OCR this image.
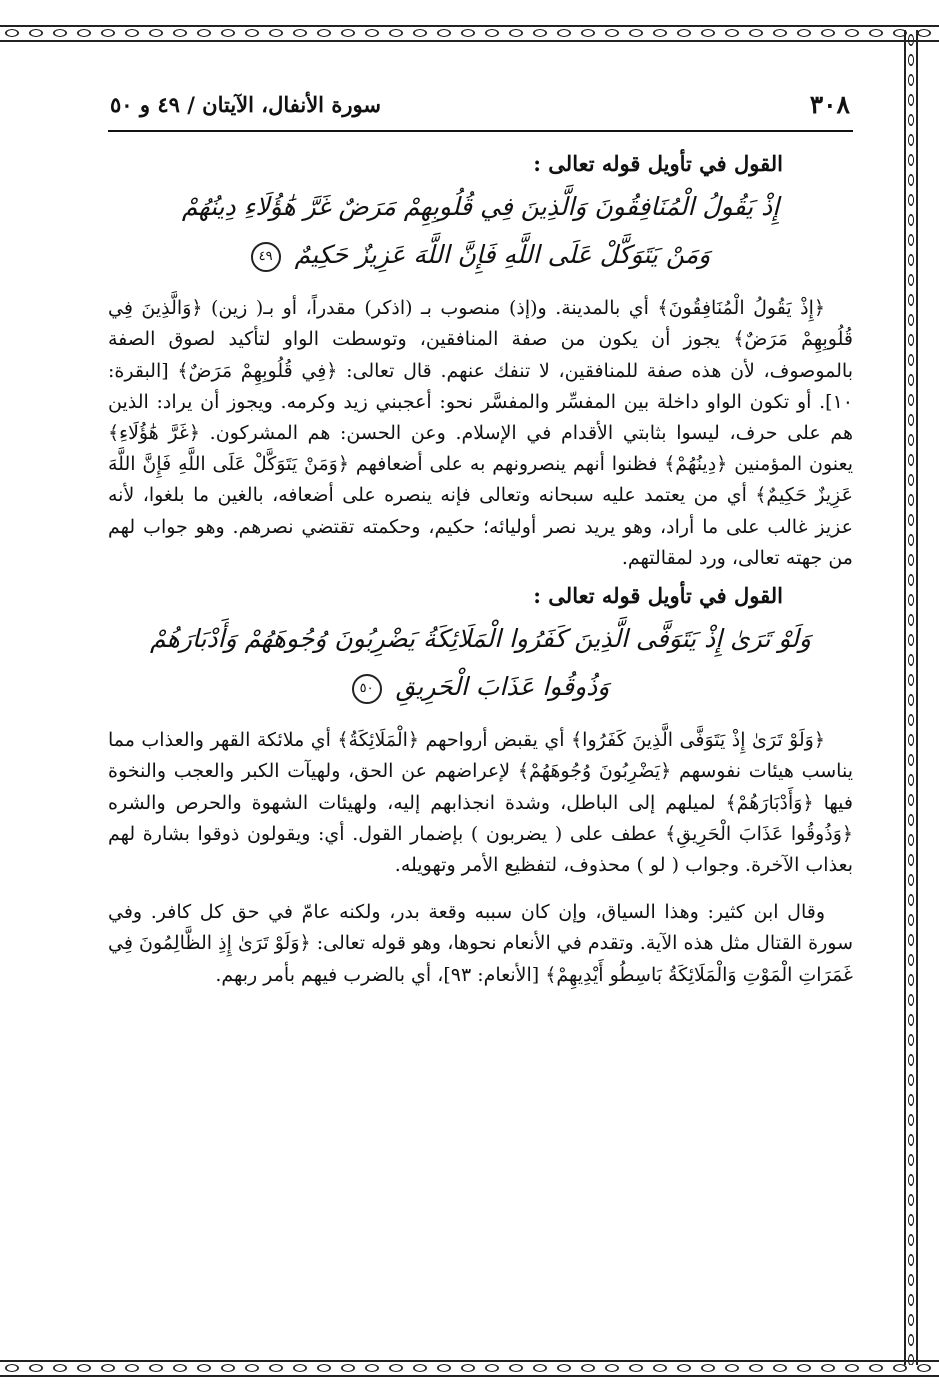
٣٠٨
سورة الأنفال، الآيتان / ٤٩ و ٥٠
القول في تأويل قوله تعالى :

إِذْ يَقُولُ الْمُنَافِقُونَ وَالَّذِينَ فِي قُلُوبِهِمْ مَرَضٌ غَرَّ هَٰؤُلَاءِ دِينُهُمْ

وَمَنْ يَتَوَكَّلْ عَلَى اللَّهِ فَإِنَّ اللَّهَ عَزِيزٌ حَكِيمٌ ٤٩

﴿إِذْ يَقُولُ الْمُنَافِقُونَ﴾ أي بالمدينة. و(إذ) منصوب بـ (اذكر) مقدراً، أو بـ( زين) ﴿وَالَّذِينَ فِي قُلُوبِهِمْ مَرَضٌ﴾ يجوز أن يكون من صفة المنافقين، وتوسطت الواو لتأكيد لصوق الصفة بالموصوف، لأن هذه صفة للمنافقين، لا تنفك عنهم. قال تعالى: ﴿فِي قُلُوبِهِمْ مَرَضٌ﴾ [البقرة: ١٠]. أو تكون الواو داخلة بين المفسِّر والمفسَّر نحو: أعجبني زيد وكرمه. ويجوز أن يراد: الذين هم على حرف، ليسوا بثابتي الأقدام في الإسلام. وعن الحسن: هم المشركون. ﴿غَرَّ هَٰؤُلَاءِ﴾ يعنون المؤمنين ﴿دِينُهُمْ﴾ فظنوا أنهم ينصرونهم به على أضعافهم ﴿وَمَنْ يَتَوَكَّلْ عَلَى اللَّهِ فَإِنَّ اللَّهَ عَزِيزٌ حَكِيمٌ﴾ أي من يعتمد عليه سبحانه وتعالى فإنه ينصره على أضعافه، بالغين ما بلغوا، لأنه عزيز غالب على ما أراد، وهو يريد نصر أوليائه؛ حكيم، وحكمته تقتضي نصرهم. وهو جواب لهم من جهته تعالى، ورد لمقالتهم.

القول في تأويل قوله تعالى :

وَلَوْ تَرَىٰ إِذْ يَتَوَفَّى الَّذِينَ كَفَرُوا الْمَلَائِكَةُ يَضْرِبُونَ وُجُوهَهُمْ وَأَدْبَارَهُمْ

وَذُوقُوا عَذَابَ الْحَرِيقِ ٥٠

﴿وَلَوْ تَرَىٰ إِذْ يَتَوَفَّى الَّذِينَ كَفَرُوا﴾ أي يقبض أرواحهم ﴿الْمَلَائِكَةُ﴾ أي ملائكة القهر والعذاب مما يناسب هيئات نفوسهم ﴿يَضْرِبُونَ وُجُوهَهُمْ﴾ لإعراضهم عن الحق، ولهيآت الكبر والعجب والنخوة فيها ﴿وَأَدْبَارَهُمْ﴾ لميلهم إلى الباطل، وشدة انجذابهم إليه، ولهيئات الشهوة والحرص والشره ﴿وَذُوقُوا عَذَابَ الْحَرِيقِ﴾ عطف على ( يضربون ) بإضمار القول. أي: ويقولون ذوقوا بشارة لهم بعذاب الآخرة. وجواب ( لو ) محذوف، لتفظيع الأمر وتهويله.

وقال ابن كثير: وهذا السياق، وإن كان سببه وقعة بدر، ولكنه عامّ في حق كل كافر. وفي سورة القتال مثل هذه الآية. وتقدم في الأنعام نحوها، وهو قوله تعالى: ﴿وَلَوْ تَرَىٰ إِذِ الظَّالِمُونَ فِي غَمَرَاتِ الْمَوْتِ وَالْمَلَائِكَةُ بَاسِطُو أَيْدِيهِمْ﴾ [الأنعام: ٩٣]، أي بالضرب فيهم بأمر ربهم.
